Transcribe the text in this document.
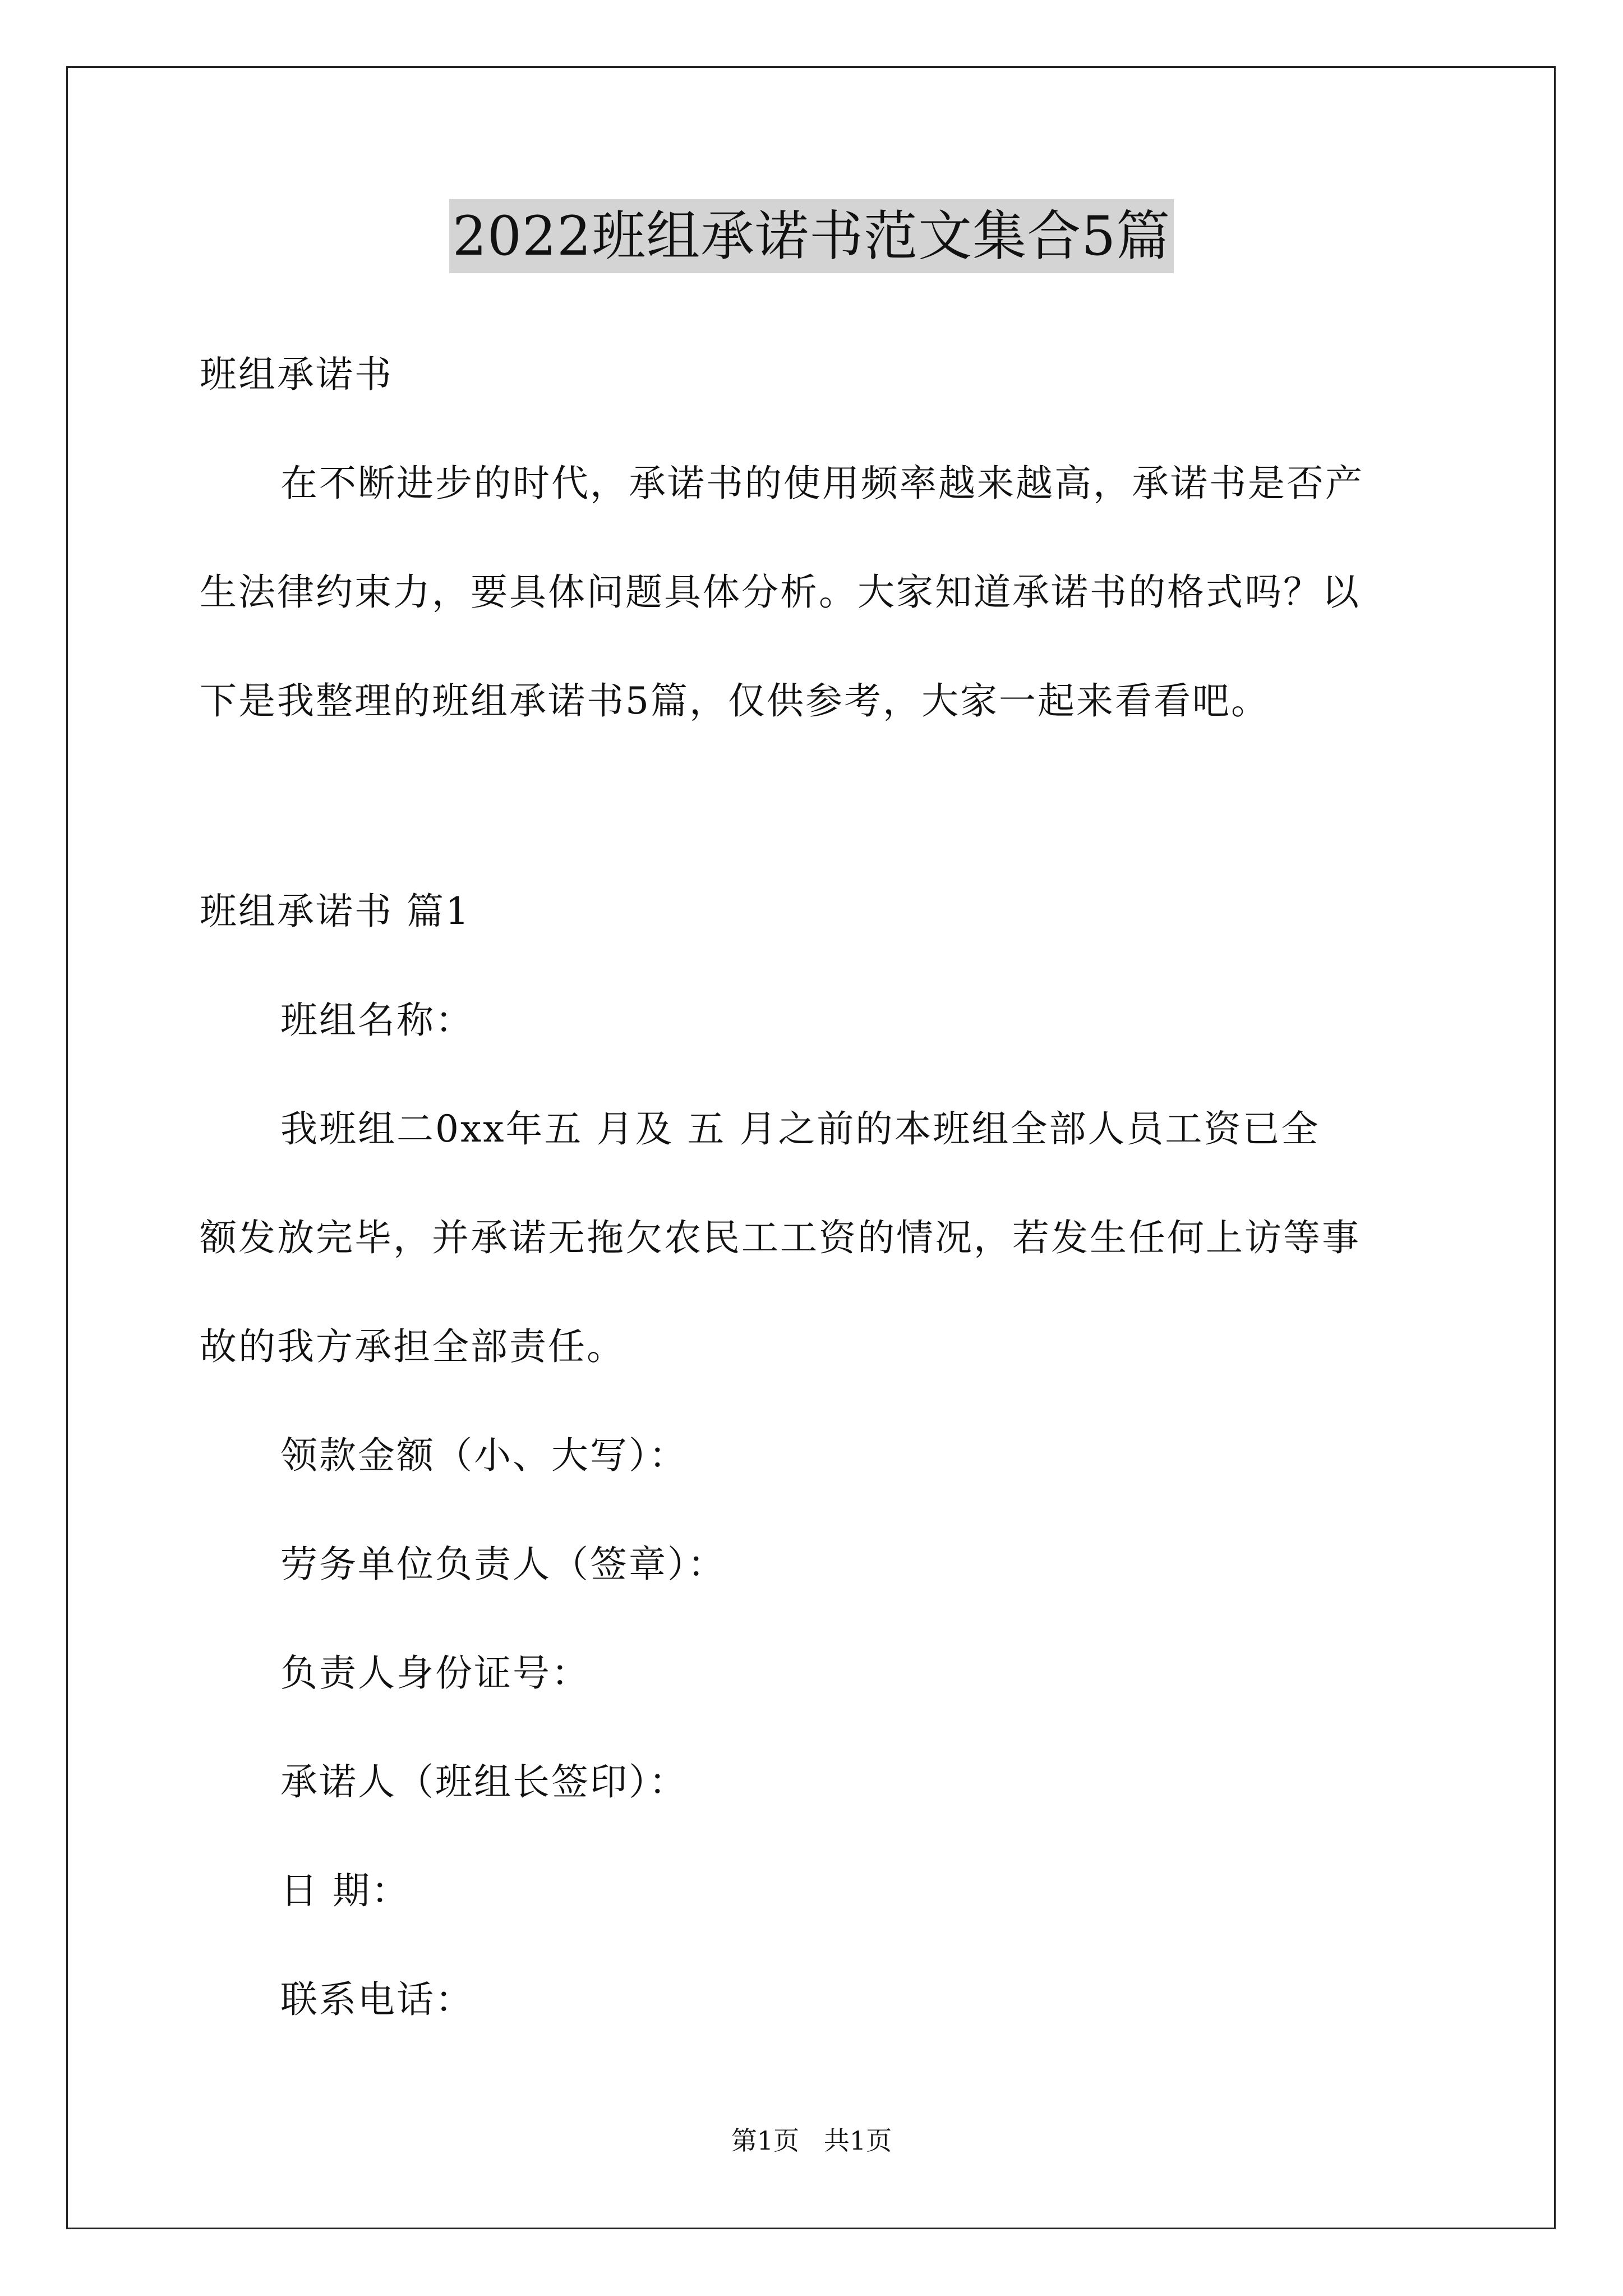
2022班组承诺书范文集合5篇
班组承诺书
在不断进步的时代，承诺书的使用频率越来越高，承诺书是否产
生法律约束力，要具体问题具体分析。大家知道承诺书的格式吗？以
下是我整理的班组承诺书5篇，仅供参考，大家一起来看看吧。
班组承诺书 篇1
班组名称：
我班组二0xx年五 月及 五 月之前的本班组全部人员工资已全
额发放完毕，并承诺无拖欠农民工工资的情况，若发生任何上访等事
故的我方承担全部责任。
领款金额（小、大写）：
劳务单位负责人（签章）：
负责人身份证号：
承诺人（班组长签印）：
日 期：
联系电话：
第1页   共1页
